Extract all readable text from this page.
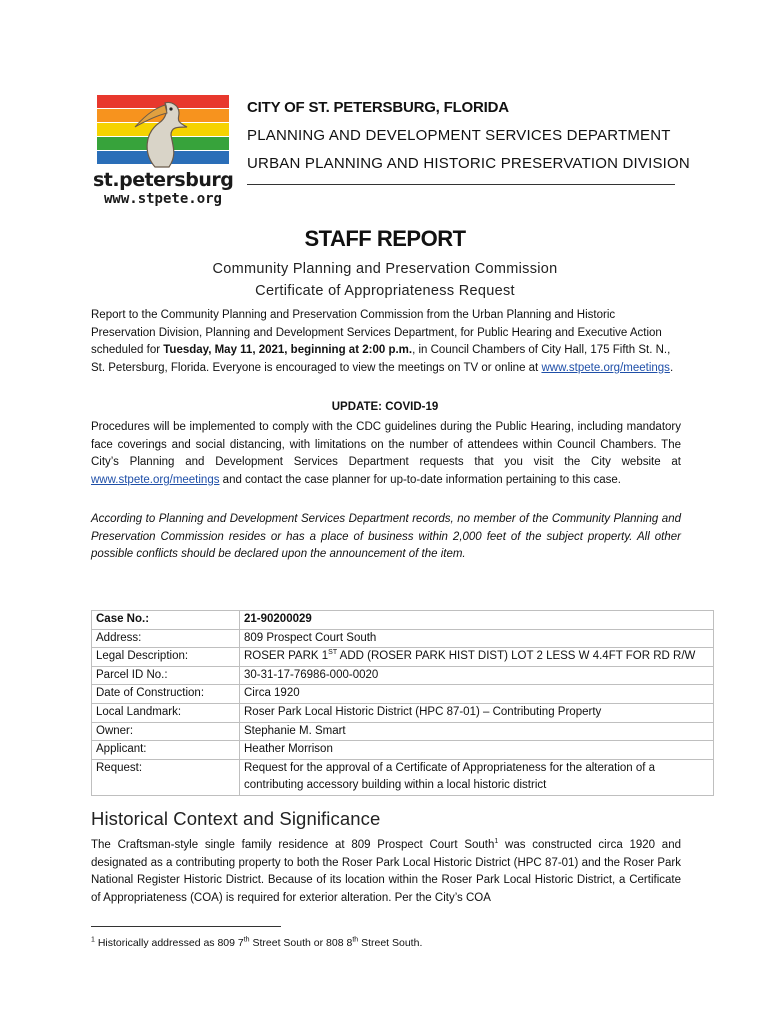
st.petersburg
www.stpete.org
CITY OF ST. PETERSBURG, FLORIDA
PLANNING AND DEVELOPMENT SERVICES DEPARTMENT
URBAN PLANNING AND HISTORIC PRESERVATION DIVISION
STAFF REPORT
Community Planning and Preservation Commission
Certificate of Appropriateness Request

Report to the Community Planning and Preservation Commission from the Urban Planning and Historic Preservation Division, Planning and Development Services Department, for Public Hearing and Executive Action scheduled for Tuesday, May 11, 2021, beginning at 2:00 p.m., in Council Chambers of City Hall, 175 Fifth St. N., St. Petersburg, Florida. Everyone is encouraged to view the meetings on TV or online at www.stpete.org/meetings.

UPDATE: COVID-19

Procedures will be implemented to comply with the CDC guidelines during the Public Hearing, including mandatory face coverings and social distancing, with limitations on the number of attendees within Council Chambers. The City’s Planning and Development Services Department requests that you visit the City website at www.stpete.org/meetings and contact the case planner for up-to-date information pertaining to this case.

According to Planning and Development Services Department records, no member of the Community Planning and Preservation Commission resides or has a place of business within 2,000 feet of the subject property. All other possible conflicts should be declared upon the announcement of the item.
Case No.:	21-90200029
Address:	809 Prospect Court South
Legal Description:	ROSER PARK 1ST ADD (ROSER PARK HIST DIST) LOT 2 LESS W 4.4FT FOR RD R/W
Parcel ID No.:	30-31-17-76986-000-0020
Date of Construction:	Circa 1920
Local Landmark:	Roser Park Local Historic District (HPC 87-01) – Contributing Property
Owner:	Stephanie M. Smart
Applicant:	Heather Morrison
Request:	Request for the approval of a Certificate of Appropriateness for the alteration of a contributing accessory building within a local historic district
Historical Context and Significance

The Craftsman-style single family residence at 809 Prospect Court South$^1$ was constructed circa 1920 and designated as a contributing property to both the Roser Park Local Historic District (HPC 87-01) and the Roser Park National Register Historic District. Because of its location within the Roser Park Local Historic District, a Certificate of Appropriateness (COA) is required for exterior alteration. Per the City’s COA

$^1$ Historically addressed as 809 7th Street South or 808 8th Street South.
